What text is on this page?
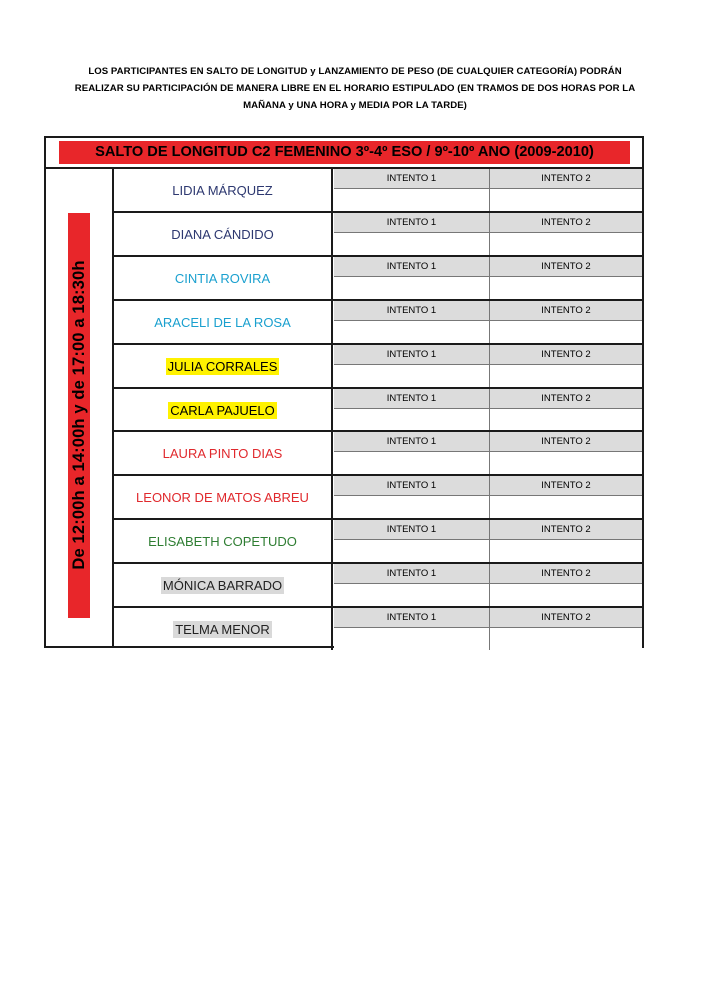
LOS PARTICIPANTES EN SALTO DE LONGITUD y LANZAMIENTO DE PESO (DE CUALQUIER CATEGORÍA) PODRÁN
REALIZAR SU PARTICIPACIÓN DE MANERA LIBRE EN EL HORARIO ESTIPULADO (EN TRAMOS DE DOS HORAS POR LA
MAÑANA y UNA HORA y MEDIA POR LA TARDE)
SALTO DE LONGITUD C2 FEMENINO 3º-4º ESO / 9º-10º ANO (2009-2010)
De 12:00h a 14:00h y de 17:00 a 18:30h
LIDIA MÁRQUEZ
INTENTO 1	INTENTO 2
DIANA CÁNDIDO
INTENTO 1	INTENTO 2
CINTIA ROVIRA
INTENTO 1	INTENTO 2
ARACELI DE LA ROSA
INTENTO 1	INTENTO 2
JULIA CORRALES
INTENTO 1	INTENTO 2
CARLA PAJUELO
INTENTO 1	INTENTO 2
LAURA PINTO DIAS
INTENTO 1	INTENTO 2
LEONOR DE MATOS ABREU
INTENTO 1	INTENTO 2
ELISABETH COPETUDO
INTENTO 1	INTENTO 2
MÓNICA BARRADO
INTENTO 1	INTENTO 2
TELMA MENOR
INTENTO 1	INTENTO 2
